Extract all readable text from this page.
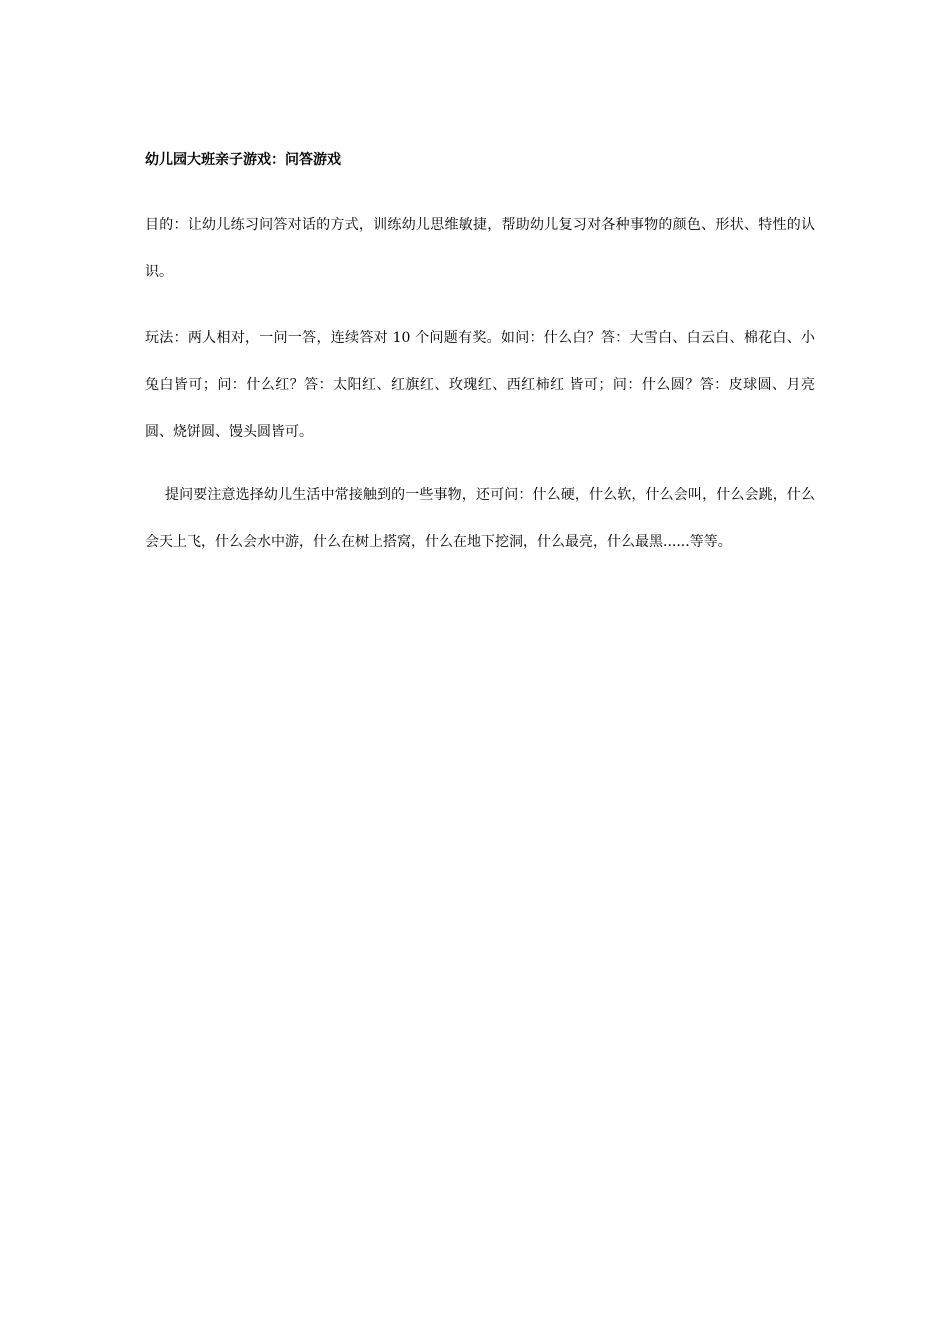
幼儿园大班亲子游戏：问答游戏

目的：让幼儿练习问答对话的方式，训练幼儿思维敏捷，帮助幼儿复习对各种事物的颜色、形状、特性的认识。

玩法：两人相对，一问一答，连续答对 10 个问题有奖。如问：什么白？答：大雪白、白云白、棉花白、小兔白皆可；问：什么红？答：太阳红、红旗红、玫瑰红、西红柿红 皆可；问：什么圆？答：皮球圆、月亮圆、烧饼圆、馒头圆皆可。

提问要注意选择幼儿生活中常接触到的一些事物，还可问：什么硬，什么软，什么会叫，什么会跳，什么会天上飞，什么会水中游，什么在树上搭窝，什么在地下挖洞，什么最亮，什么最黑......等等。
